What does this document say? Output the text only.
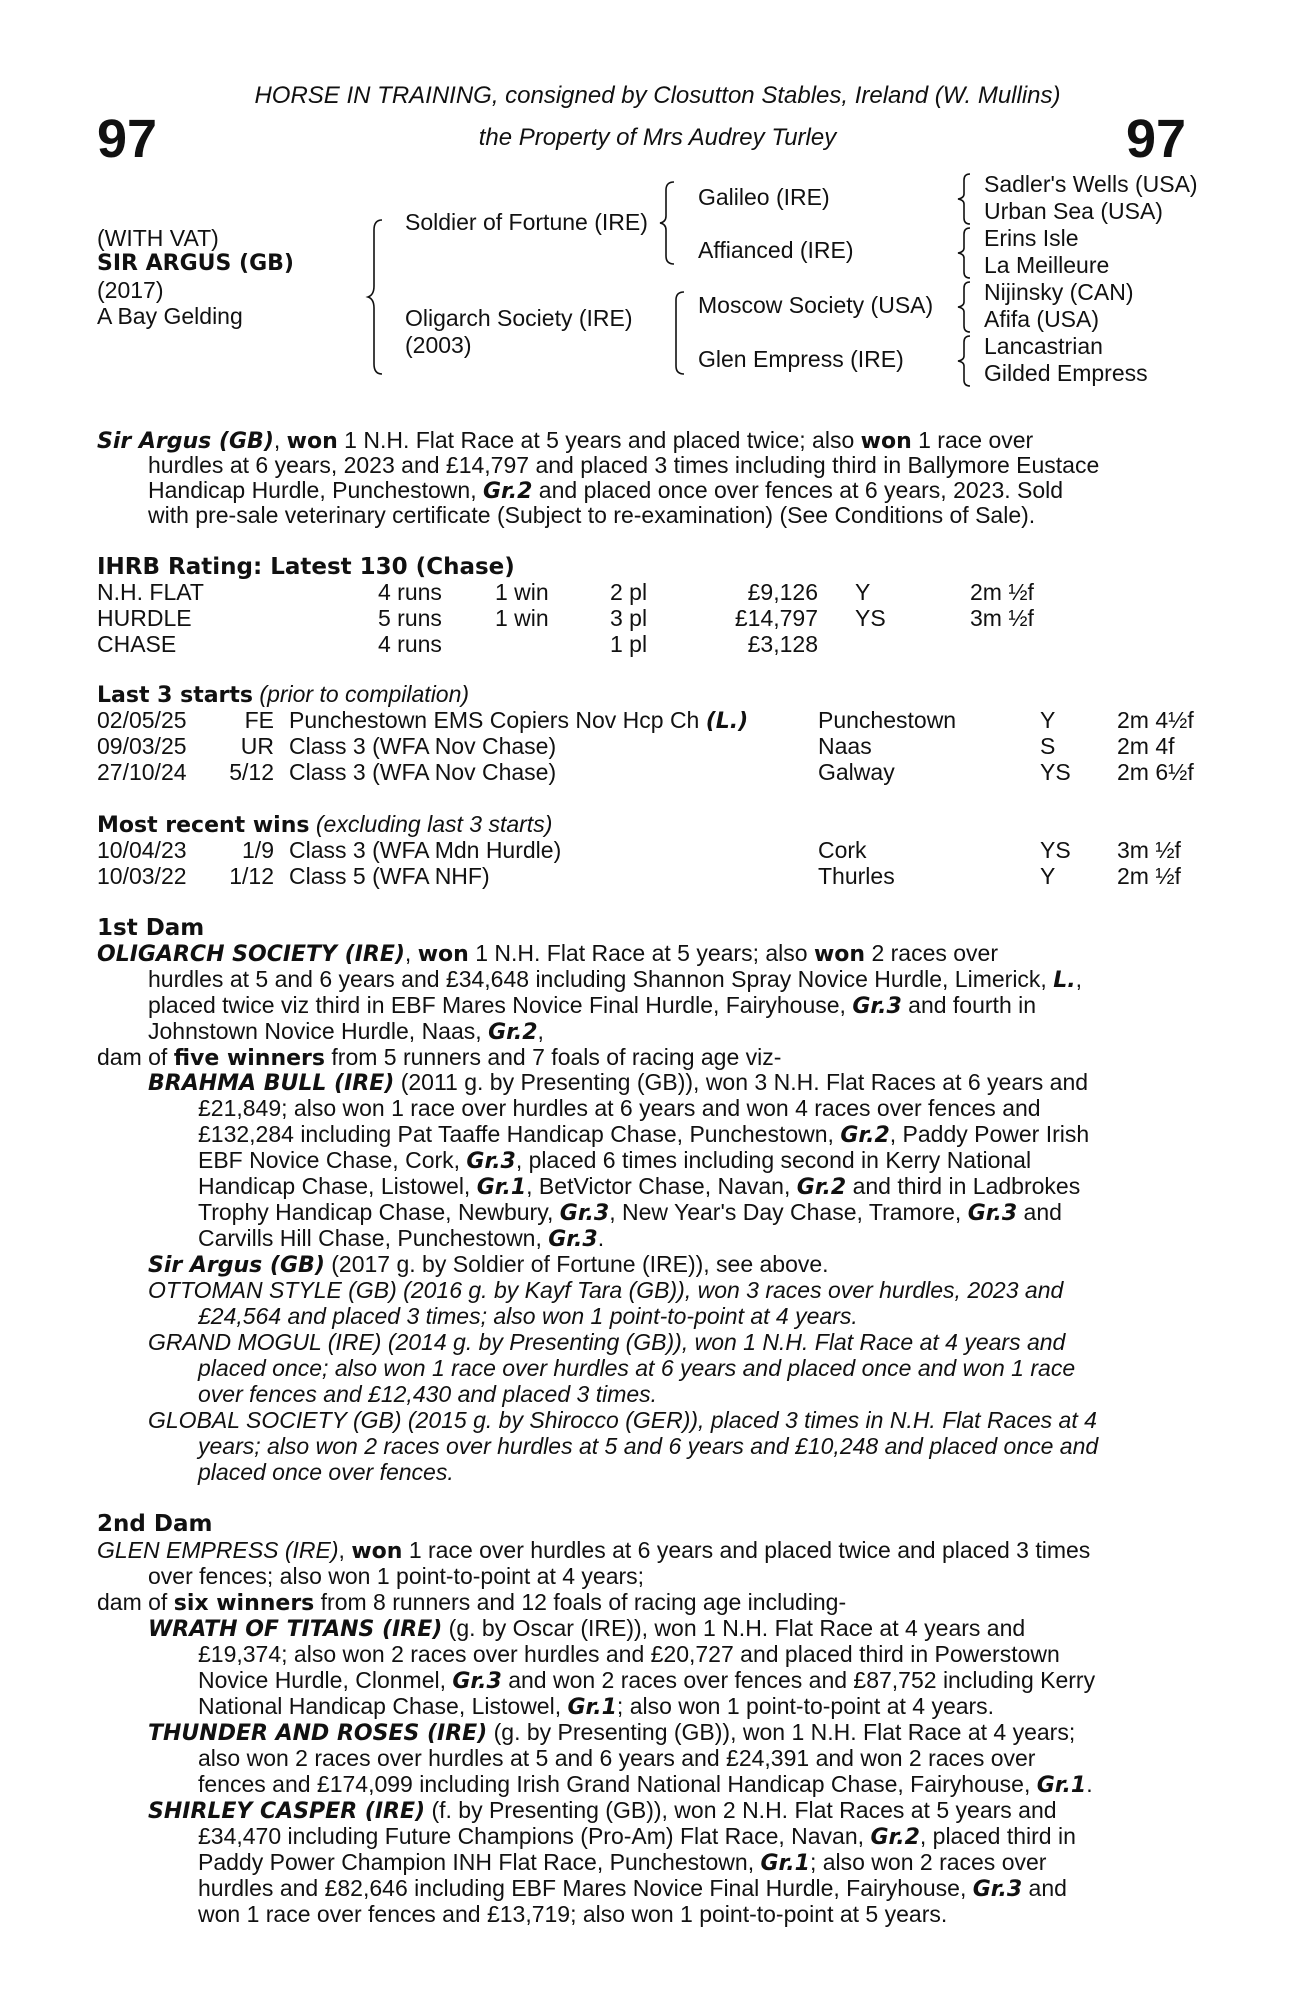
97	97
HORSE IN TRAINING, consigned by Closutton Stables, Ireland (W. Mullins)
the Property of Mrs Audrey Turley
(WITH VAT)
SIR ARGUS (GB)
(2017)
A Bay Gelding
Soldier of Fortune (IRE)
Oligarch Society (IRE)
(2003)
Galileo (IRE)
Affianced (IRE)
Moscow Society (USA)
Glen Empress (IRE)
Sadler's Wells (USA)
Urban Sea (USA)
Erins Isle
La Meilleure
Nijinsky (CAN)
Afifa (USA)
Lancastrian
Gilded Empress
Sir Argus (GB), won 1 N.H. Flat Race at 5 years and placed twice; also won 1 race over
hurdles at 6 years, 2023 and £14,797 and placed 3 times including third in Ballymore Eustace
Handicap Hurdle, Punchestown, Gr.2 and placed once over fences at 6 years, 2023. Sold
with pre-sale veterinary certificate (Subject to re-examination) (See Conditions of Sale).
IHRB Rating: Latest 130 (Chase)
N.H. FLAT	4 runs 1 win	2 pl	£9,126 Y	2m ½f
HURDLE	5 runs 1 win	3 pl	£14,797 YS	3m ½f
CHASE	4 runs	1 pl	£3,128
Last 3 starts (prior to compilation)
02/05/25	FE Punchestown EMS Copiers Nov Hcp Ch (L.)	Punchestown	Y	2m 4½f
09/03/25	UR Class 3 (WFA Nov Chase)	Naas	S	2m 4f
27/10/24	5/12 Class 3 (WFA Nov Chase)	Galway	YS 2m 6½f
Most recent wins (excluding last 3 starts)
10/04/23	1/9 Class 3 (WFA Mdn Hurdle)	Cork	YS 3m ½f
10/03/22	1/12 Class 5 (WFA NHF)	Thurles	Y	2m ½f
1st Dam
OLIGARCH SOCIETY (IRE), won 1 N.H. Flat Race at 5 years; also won 2 races over
hurdles at 5 and 6 years and £34,648 including Shannon Spray Novice Hurdle, Limerick, L.,
placed twice viz third in EBF Mares Novice Final Hurdle, Fairyhouse, Gr.3 and fourth in
Johnstown Novice Hurdle, Naas, Gr.2,
dam of five winners from 5 runners and 7 foals of racing age viz-
BRAHMA BULL (IRE) (2011 g. by Presenting (GB)), won 3 N.H. Flat Races at 6 years and
£21,849; also won 1 race over hurdles at 6 years and won 4 races over fences and
£132,284 including Pat Taaffe Handicap Chase, Punchestown, Gr.2, Paddy Power Irish
EBF Novice Chase, Cork, Gr.3, placed 6 times including second in Kerry National
Handicap Chase, Listowel, Gr.1, BetVictor Chase, Navan, Gr.2 and third in Ladbrokes
Trophy Handicap Chase, Newbury, Gr.3, New Year's Day Chase, Tramore, Gr.3 and
Carvills Hill Chase, Punchestown, Gr.3.
Sir Argus (GB) (2017 g. by Soldier of Fortune (IRE)), see above.
OTTOMAN STYLE (GB) (2016 g. by Kayf Tara (GB)), won 3 races over hurdles, 2023 and
£24,564 and placed 3 times; also won 1 point-to-point at 4 years.
GRAND MOGUL (IRE) (2014 g. by Presenting (GB)), won 1 N.H. Flat Race at 4 years and
placed once; also won 1 race over hurdles at 6 years and placed once and won 1 race
over fences and £12,430 and placed 3 times.
GLOBAL SOCIETY (GB) (2015 g. by Shirocco (GER)), placed 3 times in N.H. Flat Races at 4
years; also won 2 races over hurdles at 5 and 6 years and £10,248 and placed once and
placed once over fences.
2nd Dam
GLEN EMPRESS (IRE), won 1 race over hurdles at 6 years and placed twice and placed 3 times
over fences; also won 1 point-to-point at 4 years;
dam of six winners from 8 runners and 12 foals of racing age including-
WRATH OF TITANS (IRE) (g. by Oscar (IRE)), won 1 N.H. Flat Race at 4 years and
£19,374; also won 2 races over hurdles and £20,727 and placed third in Powerstown
Novice Hurdle, Clonmel, Gr.3 and won 2 races over fences and £87,752 including Kerry
National Handicap Chase, Listowel, Gr.1; also won 1 point-to-point at 4 years.
THUNDER AND ROSES (IRE) (g. by Presenting (GB)), won 1 N.H. Flat Race at 4 years;
also won 2 races over hurdles at 5 and 6 years and £24,391 and won 2 races over
fences and £174,099 including Irish Grand National Handicap Chase, Fairyhouse, Gr.1.
SHIRLEY CASPER (IRE) (f. by Presenting (GB)), won 2 N.H. Flat Races at 5 years and
£34,470 including Future Champions (Pro-Am) Flat Race, Navan, Gr.2, placed third in
Paddy Power Champion INH Flat Race, Punchestown, Gr.1; also won 2 races over
hurdles and £82,646 including EBF Mares Novice Final Hurdle, Fairyhouse, Gr.3 and
won 1 race over fences and £13,719; also won 1 point-to-point at 5 years.
